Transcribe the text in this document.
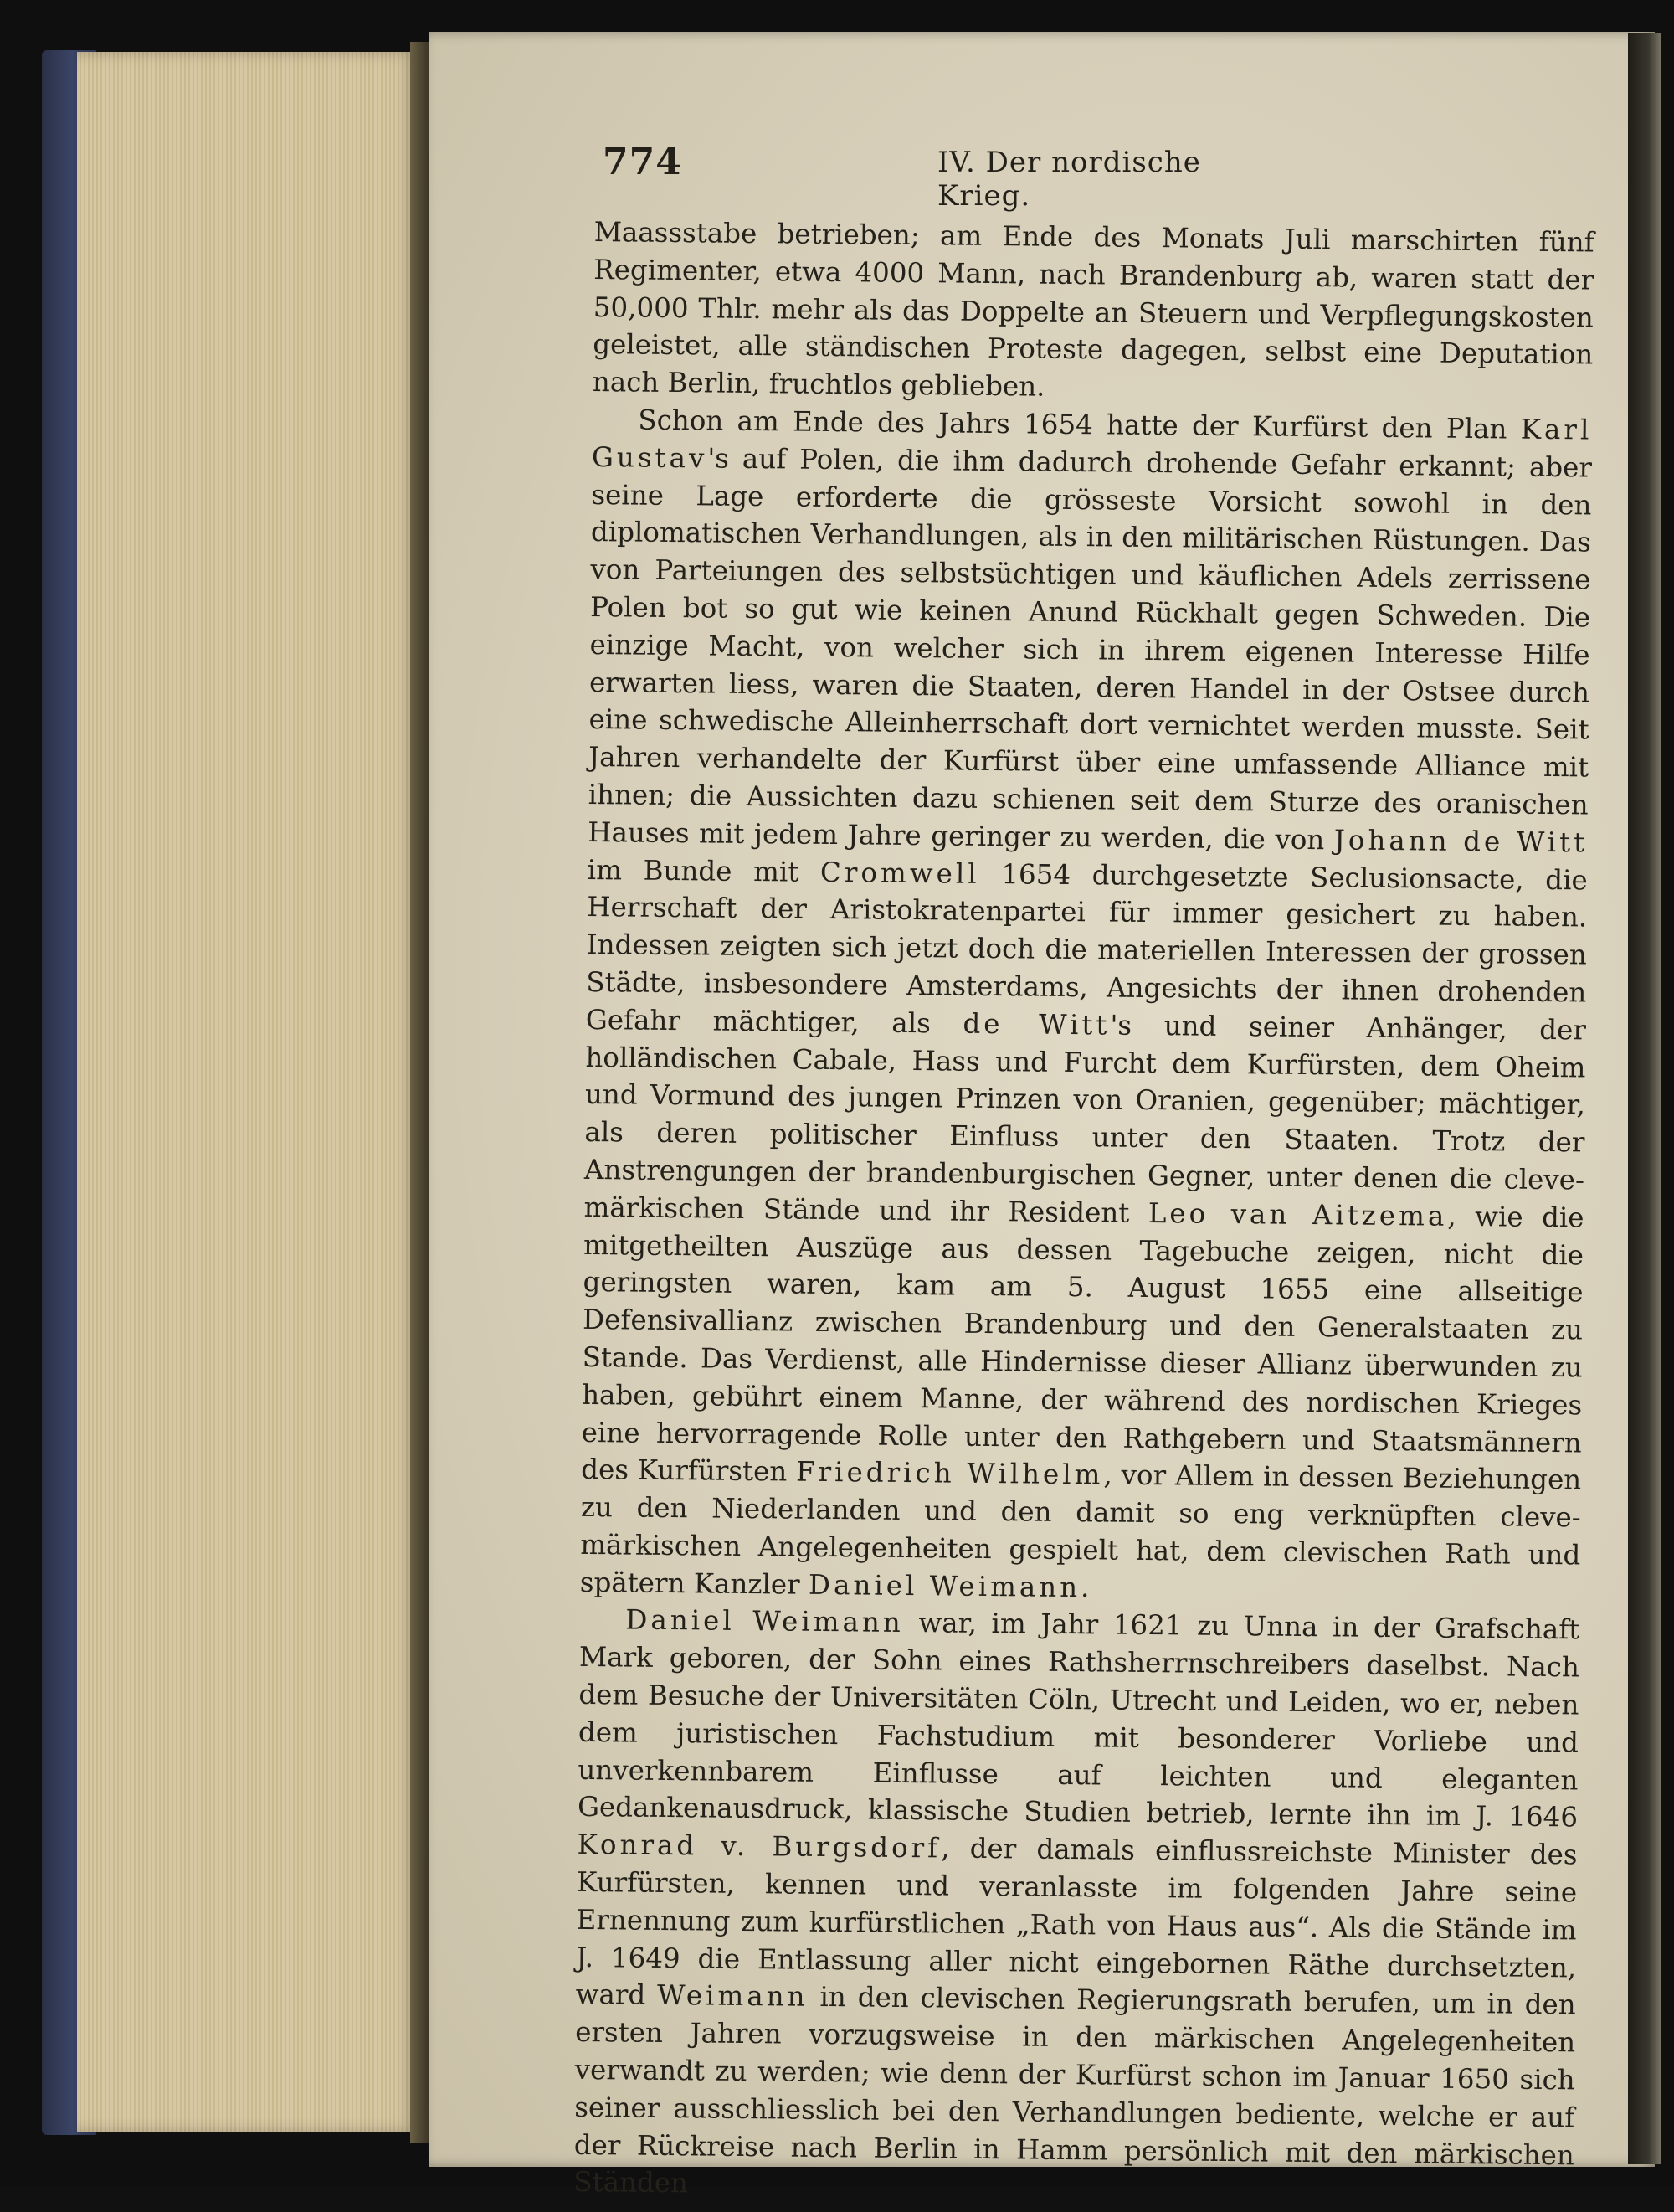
774	IV. Der nordische Krieg.

Maassstabe betrieben; am Ende des Monats Juli marschirten fünf Regimenter, etwa 4000 Mann, nach Brandenburg ab, waren statt der 50,000 Thlr. mehr als das Doppelte an Steuern und Verpflegungskosten geleistet, alle ständischen Proteste dagegen, selbst eine Deputation nach Berlin, fruchtlos geblieben.

Schon am Ende des Jahrs 1654 hatte der Kurfürst den Plan Karl Gustav's auf Polen, die ihm dadurch drohende Gefahr erkannt; aber seine Lage erforderte die grösseste Vorsicht sowohl in den diplomatischen Verhandlungen, als in den militärischen Rüstungen. Das von Parteiungen des selbstsüchtigen und käuflichen Adels zerrissene Polen bot so gut wie keinen Anund Rückhalt gegen Schweden. Die einzige Macht, von welcher sich in ihrem eigenen Interesse Hilfe erwarten liess, waren die Staaten, deren Handel in der Ostsee durch eine schwedische Alleinherrschaft dort vernichtet werden musste. Seit Jahren verhandelte der Kurfürst über eine umfassende Alliance mit ihnen; die Aussichten dazu schienen seit dem Sturze des oranischen Hauses mit jedem Jahre geringer zu werden, die von Johann de Witt im Bunde mit Cromwell 1654 durchgesetzte Seclusionsacte, die Herrschaft der Aristokratenpartei für immer gesichert zu haben. Indessen zeigten sich jetzt doch die materiellen Interessen der grossen Städte, insbesondere Amsterdams, Angesichts der ihnen drohenden Gefahr mächtiger, als de Witt's und seiner Anhänger, der holländischen Cabale, Hass und Furcht dem Kurfürsten, dem Oheim und Vormund des jungen Prinzen von Oranien, gegenüber; mächtiger, als deren politischer Einfluss unter den Staaten. Trotz der Anstrengungen der brandenburgischen Gegner, unter denen die cleve-märkischen Stände und ihr Resident Leo van Aitzema, wie die mitgetheilten Auszüge aus dessen Tagebuche zeigen, nicht die geringsten waren, kam am 5. August 1655 eine allseitige Defensivallianz zwischen Brandenburg und den Generalstaaten zu Stande. Das Verdienst, alle Hindernisse dieser Allianz überwunden zu haben, gebührt einem Manne, der während des nordischen Krieges eine hervorragende Rolle unter den Rathgebern und Staatsmännern des Kurfürsten Friedrich Wilhelm, vor Allem in dessen Beziehungen zu den Niederlanden und den damit so eng verknüpften cleve-märkischen Angelegenheiten gespielt hat, dem clevischen Rath und spätern Kanzler Daniel Weimann.

Daniel Weimann war, im Jahr 1621 zu Unna in der Grafschaft Mark geboren, der Sohn eines Rathsherrnschreibers daselbst. Nach dem Besuche der Universitäten Cöln, Utrecht und Leiden, wo er, neben dem juristischen Fachstudium mit besonderer Vorliebe und unverkennbarem Einflusse auf leichten und eleganten Gedankenausdruck, klassische Studien betrieb, lernte ihn im J. 1646 Konrad v. Burgsdorf, der damals einflussreichste Minister des Kurfürsten, kennen und veranlasste im folgenden Jahre seine Ernennung zum kurfürstlichen „Rath von Haus aus“. Als die Stände im J. 1649 die Entlassung aller nicht eingebornen Räthe durchsetzten, ward Weimann in den clevischen Regierungsrath berufen, um in den ersten Jahren vorzugsweise in den märkischen Angelegenheiten verwandt zu werden; wie denn der Kurfürst schon im Januar 1650 sich seiner ausschliesslich bei den Verhandlungen bediente, welche er auf der Rückreise nach Berlin in Hamm persönlich mit den märkischen Ständen
